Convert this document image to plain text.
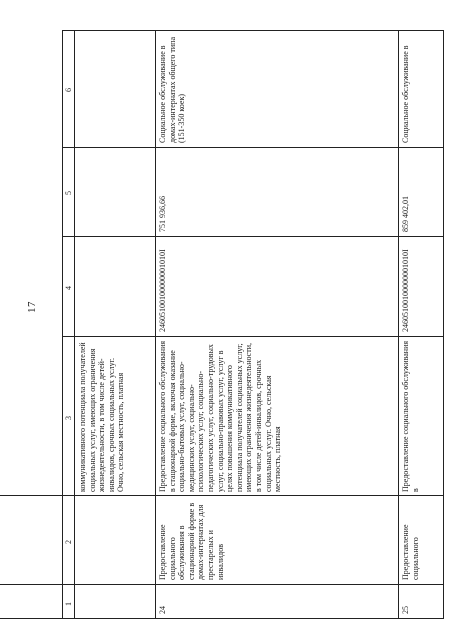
17
1
2
3
4
5
6
коммуникативного потенциала получателей социальных услуг, имеющих ограничения жизнедеятельности, в том числе детей-инвалидов, срочных социальных услуг. Очно, сельская местность, платная
24
Предоставление социального обслуживания в стационарной форме в домах-интернатах для престарелых и инвалидов
Предоставление социального обслуживания в стационарной форме, включая оказание социально-бытовых услуг, социально-медицинских услуг, социально-психологических услуг, социально-педагогических услуг, социально-трудовых услуг, социально-правовых услуг, услуг в целях повышения коммуникативного потенциала получателей социальных услуг, имеющих ограничения жизнедеятельности, в том числе детей-инвалидов, срочных социальных услуг. Очно, сельская местность, платная
24605100100000001010I
751 936,66
Социальное обслуживание в домах-интернатах общего типа (151-350 коек)
25
Предоставление социального
Предоставление социального обслуживания в
24605100100000001010I
859 402,01
Социальное обслуживание в
